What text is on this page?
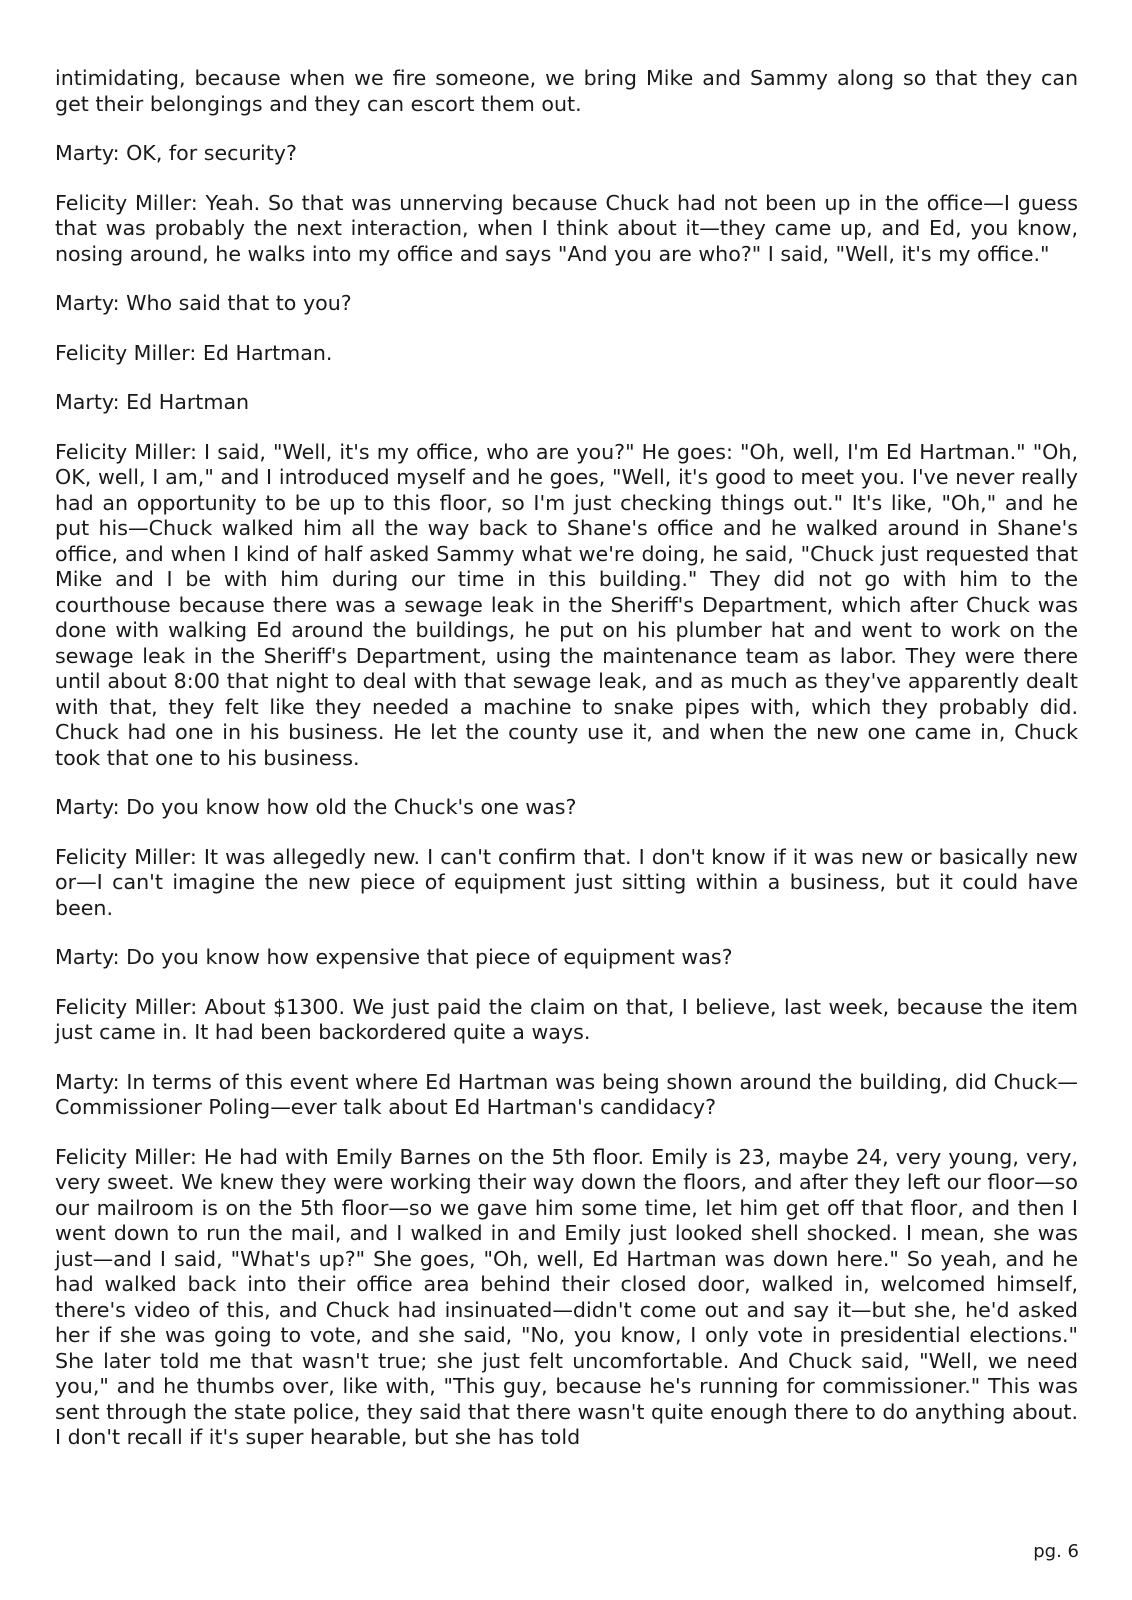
intimidating, because when we fire someone, we bring Mike and Sammy along so that they can get their belongings and they can escort them out.

Marty: OK, for security?

Felicity Miller: Yeah. So that was unnerving because Chuck had not been up in the office—I guess that was probably the next interaction, when I think about it—they came up, and Ed, you know, nosing around, he walks into my office and says "And you are who?" I said, "Well, it's my office."

Marty: Who said that to you?

Felicity Miller: Ed Hartman.

Marty: Ed Hartman

Felicity Miller: I said, "Well, it's my office, who are you?" He goes: "Oh, well, I'm Ed Hartman." "Oh, OK, well, I am," and I introduced myself and he goes, "Well, it's good to meet you. I've never really had an opportunity to be up to this floor, so I'm just checking things out." It's like, "Oh," and he put his—Chuck walked him all the way back to Shane's office and he walked around in Shane's office, and when I kind of half asked Sammy what we're doing, he said, "Chuck just requested that Mike and I be with him during our time in this building." They did not go with him to the courthouse because there was a sewage leak in the Sheriff's Department, which after Chuck was done with walking Ed around the buildings, he put on his plumber hat and went to work on the sewage leak in the Sheriff's Department, using the maintenance team as labor. They were there until about 8:00 that night to deal with that sewage leak, and as much as they've apparently dealt with that, they felt like they needed a machine to snake pipes with, which they probably did. Chuck had one in his business. He let the county use it, and when the new one came in, Chuck took that one to his business.

Marty: Do you know how old the Chuck's one was?

Felicity Miller: It was allegedly new. I can't confirm that. I don't know if it was new or basically new or—I can't imagine the new piece of equipment just sitting within a business, but it could have been.

Marty: Do you know how expensive that piece of equipment was?

Felicity Miller: About $1300. We just paid the claim on that, I believe, last week, because the item just came in. It had been backordered quite a ways.

Marty: In terms of this event where Ed Hartman was being shown around the building, did Chuck—Commissioner Poling—ever talk about Ed Hartman's candidacy?

Felicity Miller: He had with Emily Barnes on the 5th floor. Emily is 23, maybe 24, very young, very, very sweet. We knew they were working their way down the floors, and after they left our floor—so our mailroom is on the 5th floor—so we gave him some time, let him get off that floor, and then I went down to run the mail, and I walked in and Emily just looked shell shocked. I mean, she was just—and I said, "What's up?" She goes, "Oh, well, Ed Hartman was down here." So yeah, and he had walked back into their office area behind their closed door, walked in, welcomed himself, there's video of this, and Chuck had insinuated—didn't come out and say it—but she, he'd asked her if she was going to vote, and she said, "No, you know, I only vote in presidential elections." She later told me that wasn't true; she just felt uncomfortable. And Chuck said, "Well, we need you," and he thumbs over, like with, "This guy, because he's running for commissioner." This was sent through the state police, they said that there wasn't quite enough there to do anything about. I don't recall if it's super hearable, but she has told

pg. 6
